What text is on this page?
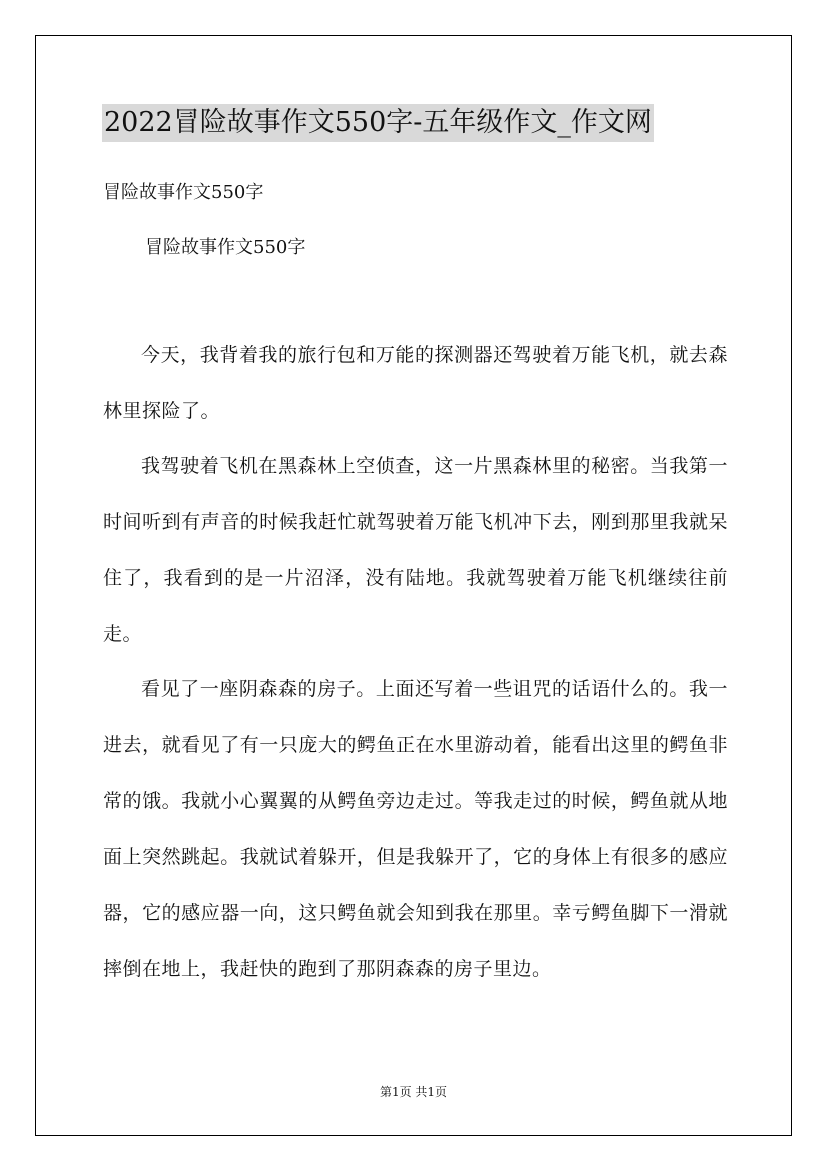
2022冒险故事作文550字-五年级作文_作文网
冒险故事作文550字
冒险故事作文550字

今天，我背着我的旅行包和万能的探测器还驾驶着万能飞机，就去森林里探险了。

我驾驶着飞机在黑森林上空侦查，这一片黑森林里的秘密。当我第一时间听到有声音的时候我赶忙就驾驶着万能飞机冲下去，刚到那里我就呆住了，我看到的是一片沼泽，没有陆地。我就驾驶着万能飞机继续往前走。

看见了一座阴森森的房子。上面还写着一些诅咒的话语什么的。我一进去，就看见了有一只庞大的鳄鱼正在水里游动着，能看出这里的鳄鱼非常的饿。我就小心翼翼的从鳄鱼旁边走过。等我走过的时候，鳄鱼就从地面上突然跳起。我就试着躲开，但是我躲开了，它的身体上有很多的感应器，它的感应器一向，这只鳄鱼就会知到我在那里。幸亏鳄鱼脚下一滑就摔倒在地上，我赶快的跑到了那阴森森的房子里边。

第1页 共1页
